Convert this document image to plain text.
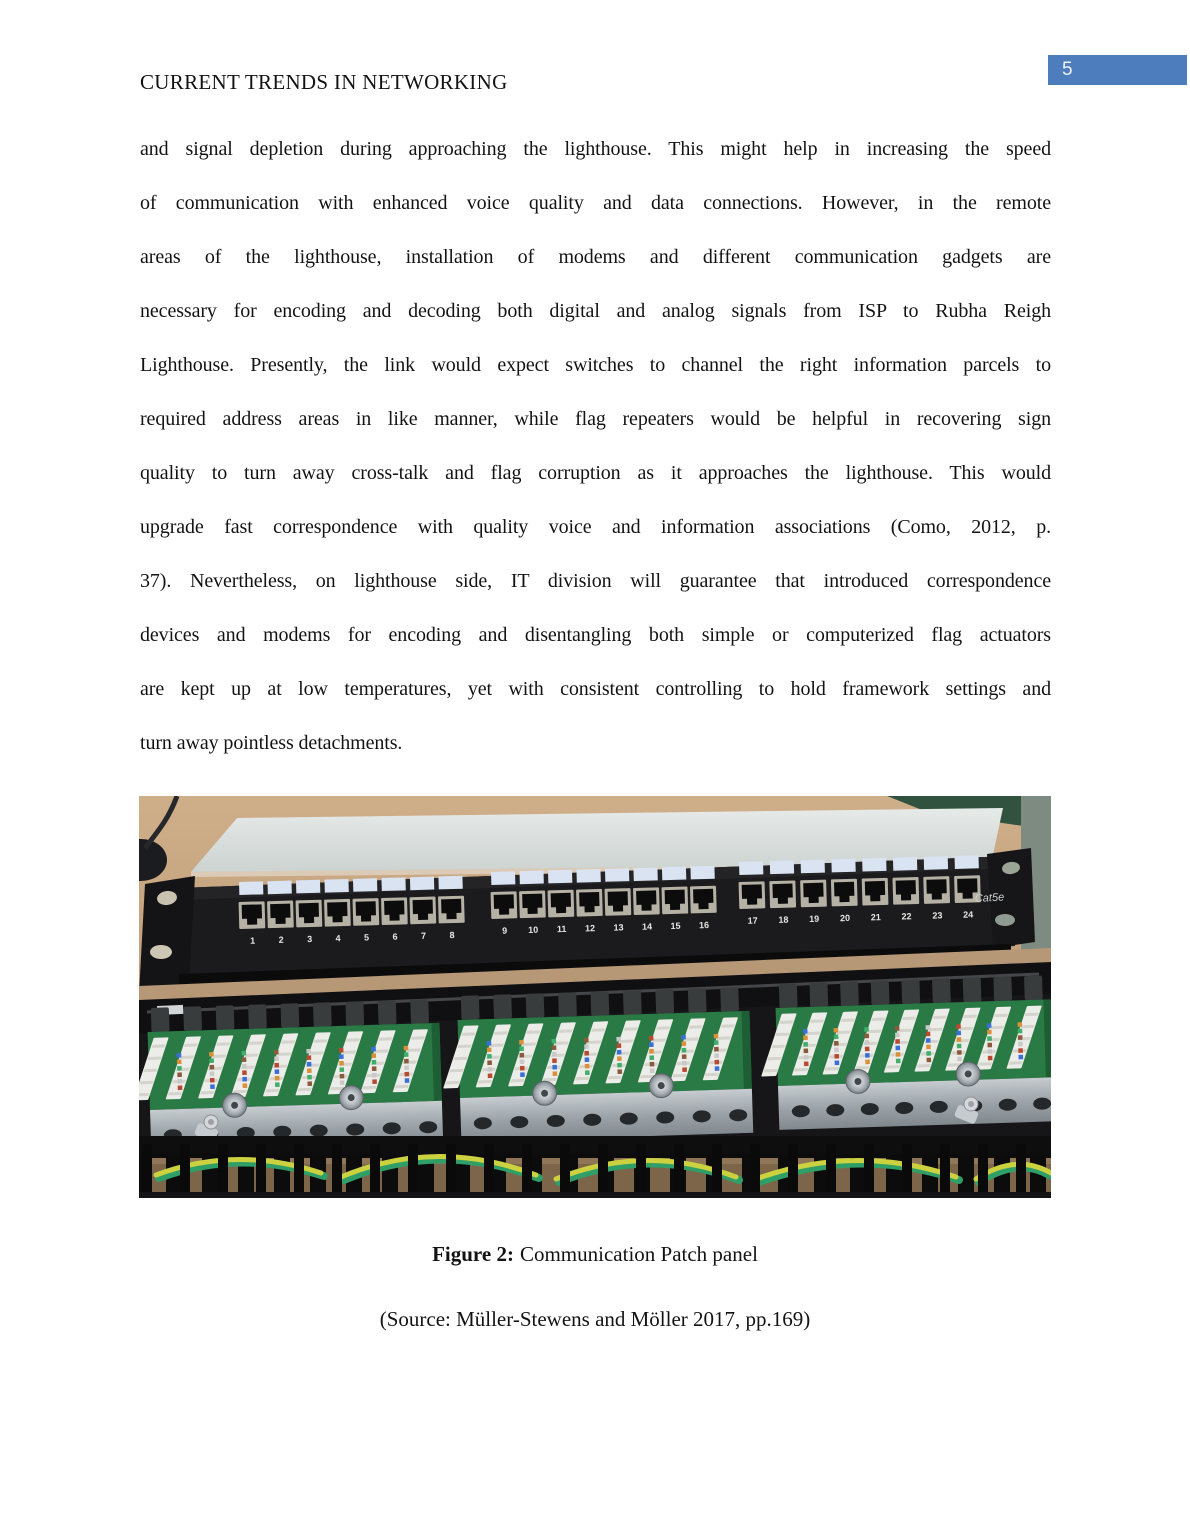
CURRENT TRENDS IN NETWORKING
5
and signal depletion during approaching the lighthouse. This might help in increasing the speed
of communication with enhanced voice quality and data connections. However, in the remote
areas of the lighthouse, installation of modems and different communication gadgets are
necessary for encoding and decoding both digital and analog signals from ISP to Rubha Reigh
Lighthouse. Presently, the link would expect switches to channel the right information parcels to
required address areas in like manner, while flag repeaters would be helpful in recovering sign
quality to turn away cross-talk and flag corruption as it approaches the lighthouse. This would
upgrade fast correspondence with quality voice and information associations (Como, 2012, p.
37). Nevertheless, on lighthouse side, IT division will guarantee that introduced correspondence
devices and modems for encoding and disentangling both simple or computerized flag actuators
are kept up at low temperatures, yet with consistent controlling to hold framework settings and
turn away pointless detachments.
1	2	3	4	5	6	7	8	9 10 11 12 13 14 15 16	17 18 19 20 21 22 23 24
Cat5e
Figure 2: Communication Patch panel
(Source: Müller-Stewens and Möller 2017, pp.169)
